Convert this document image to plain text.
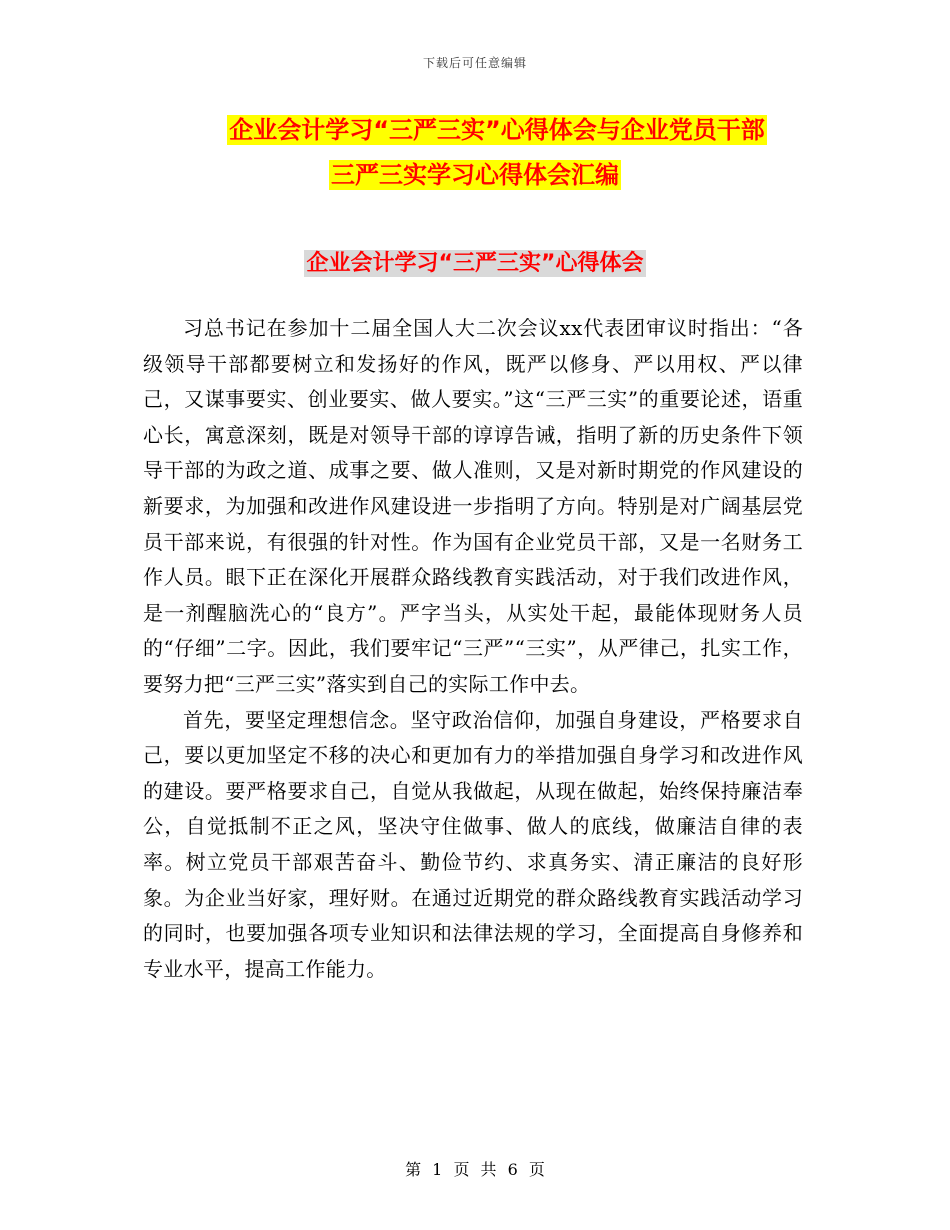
下载后可任意编辑
企业会计学习“三严三实”心得体会与企业党员干部
三严三实学习心得体会汇编
企业会计学习“三严三实”心得体会

习总书记在参加十二届全国人大二次会议xx代表团审议时指出：“各级领导干部都要树立和发扬好的作风，既严以修身、严以用权、严以律己，又谋事要实、创业要实、做人要实。”这“三严三实”的重要论述，语重心长，寓意深刻，既是对领导干部的谆谆告诫，指明了新的历史条件下领导干部的为政之道、成事之要、做人准则，又是对新时期党的作风建设的新要求，为加强和改进作风建设进一步指明了方向。特别是对广阔基层党员干部来说，有很强的针对性。作为国有企业党员干部，又是一名财务工作人员。眼下正在深化开展群众路线教育实践活动，对于我们改进作风，是一剂醒脑洗心的“良方”。严字当头，从实处干起，最能体现财务人员的“仔细”二字。因此，我们要牢记“三严”“三实”，从严律己，扎实工作，要努力把“三严三实”落实到自己的实际工作中去。

首先，要坚定理想信念。坚守政治信仰，加强自身建设，严格要求自己，要以更加坚定不移的决心和更加有力的举措加强自身学习和改进作风的建设。要严格要求自己，自觉从我做起，从现在做起，始终保持廉洁奉公，自觉抵制不正之风，坚决守住做事、做人的底线，做廉洁自律的表率。树立党员干部艰苦奋斗、勤俭节约、求真务实、清正廉洁的良好形象。为企业当好家，理好财。在通过近期党的群众路线教育实践活动学习的同时，也要加强各项专业知识和法律法规的学习，全面提高自身修养和专业水平，提高工作能力。

第 1 页 共 6 页
